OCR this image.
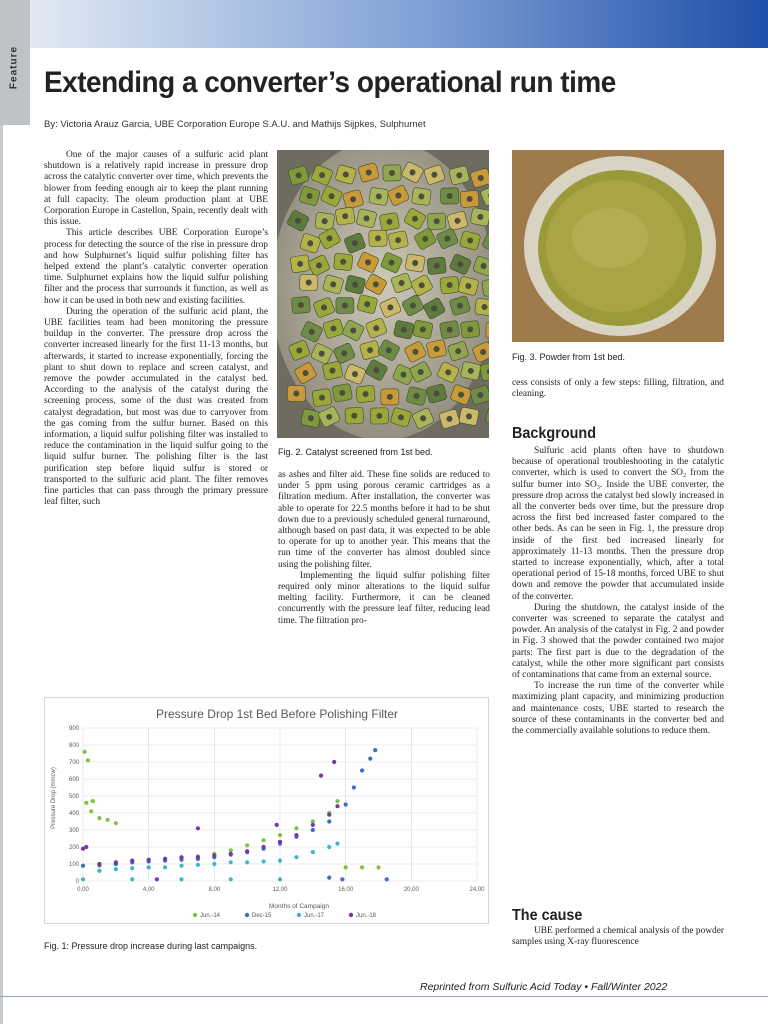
Feature Extending a converter’s operational run time
By: Victoria Arauz Garcia, UBE Corporation Europe S.A.U. and Mathijs Sijpkes, Sulphurnet

One of the major causes of a sulfuric acid plant shutdown is a relatively rapid increase in pressure drop across the catalytic converter over time, which prevents the blower from feeding enough air to keep the plant running at full capacity. The oleum production plant at UBE Corporation Europe in Castellon, Spain, recently dealt with this issue.

This article describes UBE Corporation Europe’s process for detecting the source of the rise in pressure drop and how Sulphurnet’s liquid sulfur polishing filter has helped extend the plant’s catalytic converter operation time. Sulphurnet explains how the liquid sulfur polishing filter and the process that surrounds it function, as well as how it can be used in both new and existing facilities.

During the operation of the sulfuric acid plant, the UBE facilities team had been monitoring the pressure buildup in the converter. The pressure drop across the converter increased linearly for the first 11-13 months, but afterwards, it started to increase exponentially, forcing the plant to shut down to replace and screen catalyst, and remove the powder accumulated in the catalyst bed. According to the analysis of the catalyst during the screening process, some of the dust was created from catalyst degradation, but most was due to carryover from the gas coming from the sulfur burner. Based on this information, a liquid sulfur polishing filter was installed to reduce the contamination in the liquid sulfur going to the liquid sulfur burner. The polishing filter is the last purification step before liquid sulfur is stored or transported to the sulfuric acid plant. The filter removes fine particles that can pass through the primary pressure leaf filter, such

Fig. 3. Powder from 1st bed.

cess consists of only a few steps: filling, filtration, and cleaning.

Background

Sulfuric acid plants often have to shutdown because of operational troubleshooting in the catalytic converter, which is used to convert the SO₂ from the sulfur burner into SO₃. Inside the UBE converter, the pressure drop across the catalyst bed slowly increased in all the converter beds over time, but the pressure drop across the first bed increased faster compared to the other beds. As can be seen in Fig. 1, the pressure drop inside of the first bed increased linearly for approximately 11-13 months. Then the pressure drop started to increase exponentially, which, after a total operational period of 15-18 months, forced UBE to shut down and remove the powder that accumulated inside of the converter.

During the shutdown, the catalyst inside of the converter was screened to separate the catalyst and powder. An analysis of the catalyst in Fig. 2 and powder in Fig. 3 showed that the powder contained two major parts: The first part is due to the degradation of the catalyst, while the other more significant part consists of contaminations that came from an external source.

To increase the run time of the converter while maximizing plant capacity, and minimizing production and maintenance costs, UBE started to research the source of these contaminants in the converter bed and the commercially available solutions to reduce them.

The cause

UBE performed a chemical analysis of the powder samples using X-ray fluorescence

Fig. 2. Catalyst screened from 1st bed.

as ashes and filter aid. These fine solids are reduced to under 5 ppm using porous ceramic cartridges as a filtration medium. After installation, the converter was able to operate for 22.5 months before it had to be shut down due to a previously scheduled general turnaround, although based on past data, it was expected to be able to operate for up to another year. This means that the run time of the converter has almost doubled since using the polishing filter.

Implementing the liquid sulfur polishing filter required only minor alterations to the liquid sulfur melting facility. Furthermore, it can be cleaned concurrently with the pressure leaf filter, reducing lead time. The filtration pro-

Pressure Drop 1st Bed Before Polishing Filter
Pressure Drop (mmcw)
Months of Campaign
0
100
200
300
400
500
600
700
800
900
0,00	4,00	8,00	12,00	16,00	20,00	24,00
Jun.-14	Dec-15	Jun.-17	Jun.-18
Fig. 1: Pressure drop increase during last campaigns.
Reprinted from Sulfuric Acid Today • Fall/Winter 2022
